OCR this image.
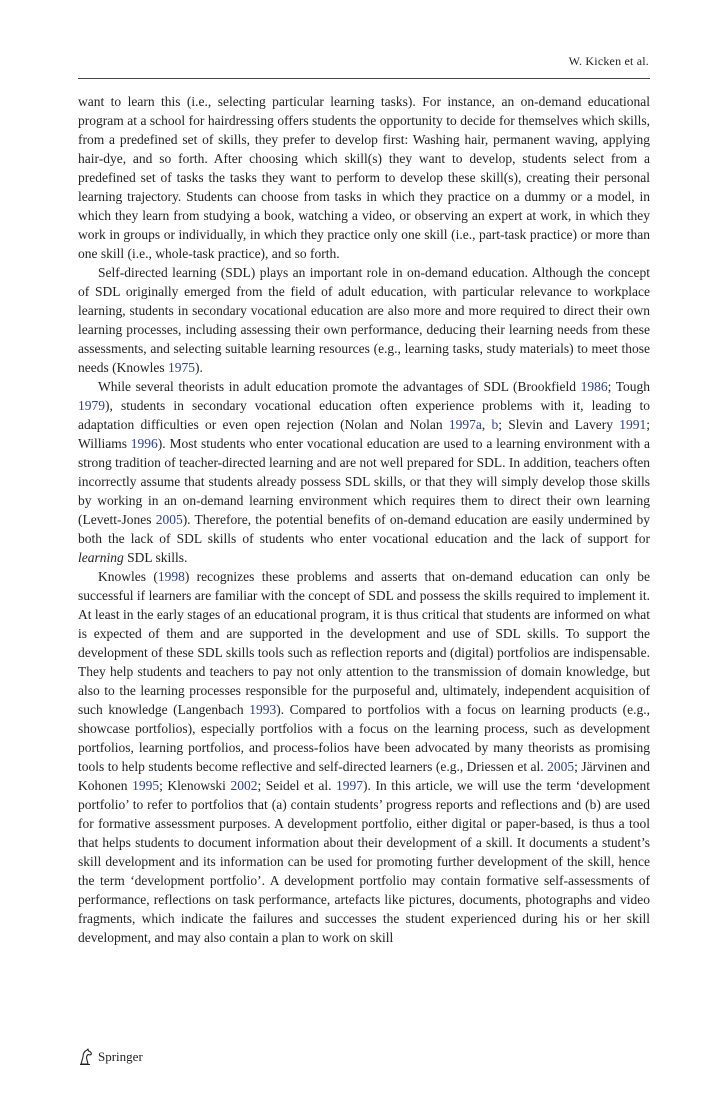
W. Kicken et al.

want to learn this (i.e., selecting particular learning tasks). For instance, an on-demand educational program at a school for hairdressing offers students the opportunity to decide for themselves which skills, from a predefined set of skills, they prefer to develop first: Washing hair, permanent waving, applying hair-dye, and so forth. After choosing which skill(s) they want to develop, students select from a predefined set of tasks the tasks they want to perform to develop these skill(s), creating their personal learning trajectory. Students can choose from tasks in which they practice on a dummy or a model, in which they learn from studying a book, watching a video, or observing an expert at work, in which they work in groups or individually, in which they practice only one skill (i.e., part-task practice) or more than one skill (i.e., whole-task practice), and so forth.

Self-directed learning (SDL) plays an important role in on-demand education. Although the concept of SDL originally emerged from the field of adult education, with particular relevance to workplace learning, students in secondary vocational education are also more and more required to direct their own learning processes, including assessing their own performance, deducing their learning needs from these assessments, and selecting suitable learning resources (e.g., learning tasks, study materials) to meet those needs (Knowles 1975).

While several theorists in adult education promote the advantages of SDL (Brookfield 1986; Tough 1979), students in secondary vocational education often experience problems with it, leading to adaptation difficulties or even open rejection (Nolan and Nolan 1997a, b; Slevin and Lavery 1991; Williams 1996). Most students who enter vocational education are used to a learning environment with a strong tradition of teacher-directed learning and are not well prepared for SDL. In addition, teachers often incorrectly assume that students already possess SDL skills, or that they will simply develop those skills by working in an on-demand learning environment which requires them to direct their own learning (Levett-Jones 2005). Therefore, the potential benefits of on-demand education are easily undermined by both the lack of SDL skills of students who enter vocational education and the lack of support for learning SDL skills.

Knowles (1998) recognizes these problems and asserts that on-demand education can only be successful if learners are familiar with the concept of SDL and possess the skills required to implement it. At least in the early stages of an educational program, it is thus critical that students are informed on what is expected of them and are supported in the development and use of SDL skills. To support the development of these SDL skills tools such as reflection reports and (digital) portfolios are indispensable. They help students and teachers to pay not only attention to the transmission of domain knowledge, but also to the learning processes responsible for the purposeful and, ultimately, independent acquisition of such knowledge (Langenbach 1993). Compared to portfolios with a focus on learning products (e.g., showcase portfolios), especially portfolios with a focus on the learning process, such as development portfolios, learning portfolios, and process-folios have been advocated by many theorists as promising tools to help students become reflective and self-directed learners (e.g., Driessen et al. 2005; Järvinen and Kohonen 1995; Klenowski 2002; Seidel et al. 1997). In this article, we will use the term ‘development portfolio’ to refer to portfolios that (a) contain students’ progress reports and reflections and (b) are used for formative assessment purposes. A development portfolio, either digital or paper-based, is thus a tool that helps students to document information about their development of a skill. It documents a student’s skill development and its information can be used for promoting further development of the skill, hence the term ‘development portfolio’. A development portfolio may contain formative self-assessments of performance, reflections on task performance, artefacts like pictures, documents, photographs and video fragments, which indicate the failures and successes the student experienced during his or her skill development, and may also contain a plan to work on skill

Springer
